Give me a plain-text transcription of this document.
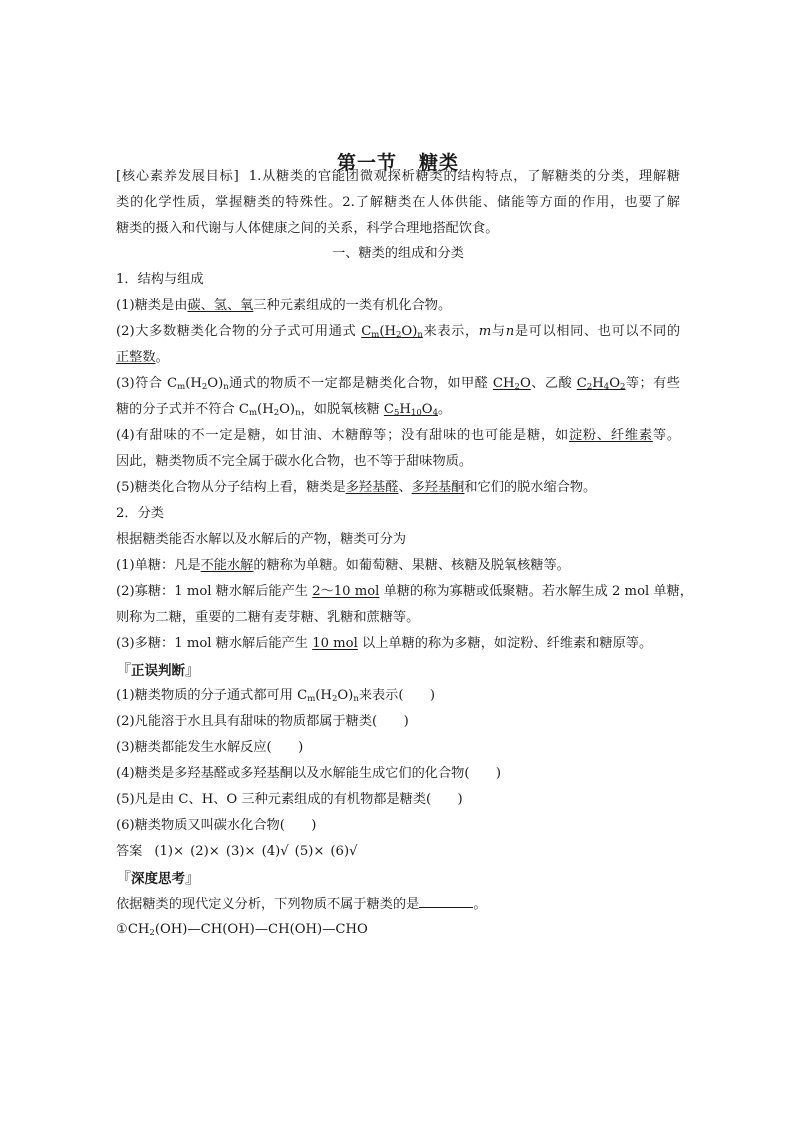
第一节 糖类
[核心素养发展目标] 1.从糖类的官能团微观探析糖类的结构特点，了解糖类的分类，理解糖
类的化学性质，掌握糖类的特殊性。2.了解糖类在人体供能、储能等方面的作用，也要了解
糖类的摄入和代谢与人体健康之间的关系，科学合理地搭配饮食。
一、糖类的组成和分类
1．结构与组成
(1)糖类是由碳、氢、氧三种元素组成的一类有机化合物。
(2)大多数糖类化合物的分子式可用通式 $C_m(H_2O)_n$来表示，m与n是可以相同、也可以不同的
正整数。
(3)符合 $C_m(H_2O)_n$通式的物质不一定都是糖类化合物，如甲醛 $CH_2O$、乙酸 $C_2H_4O_2$等；有些
糖的分子式并不符合 $C_m(H_2O)_n$，如脱氧核糖 $C_5H_{10}O_4$。
(4)有甜味的不一定是糖，如甘油、木糖醇等；没有甜味的也可能是糖，如淀粉、纤维素等。
因此，糖类物质不完全属于碳水化合物，也不等于甜味物质。
(5)糖类化合物从分子结构上看，糖类是多羟基醛、多羟基酮和它们的脱水缩合物。
2．分类
根据糖类能否水解以及水解后的产物，糖类可分为
(1)单糖：凡是不能水解的糖称为单糖。如葡萄糖、果糖、核糖及脱氧核糖等。
(2)寡糖：1 mol 糖水解后能产生 2～10 mol 单糖的称为寡糖或低聚糖。若水解生成 2 mol 单糖，
则称为二糖，重要的二糖有麦芽糖、乳糖和蔗糖等。
(3)多糖：1 mol 糖水解后能产生 10 mol 以上单糖的称为多糖，如淀粉、纤维素和糖原等。
『正误判断』
(1)糖类物质的分子通式都可用 $C_m(H_2O)_n$来表示(　　)
(2)凡能溶于水且具有甜味的物质都属于糖类(　　)
(3)糖类都能发生水解反应(　　)
(4)糖类是多羟基醛或多羟基酮以及水解能生成它们的化合物(　　)
(5)凡是由 C、H、O 三种元素组成的有机物都是糖类(　　)
(6)糖类物质又叫碳水化合物(　　)
答案 (1)× (2)× (3)× (4)√ (5)× (6)√
『深度思考』
依据糖类的现代定义分析，下列物质不属于糖类的是	。
$①CH_2(OH)—CH(OH)—CH(OH)—CHO$
